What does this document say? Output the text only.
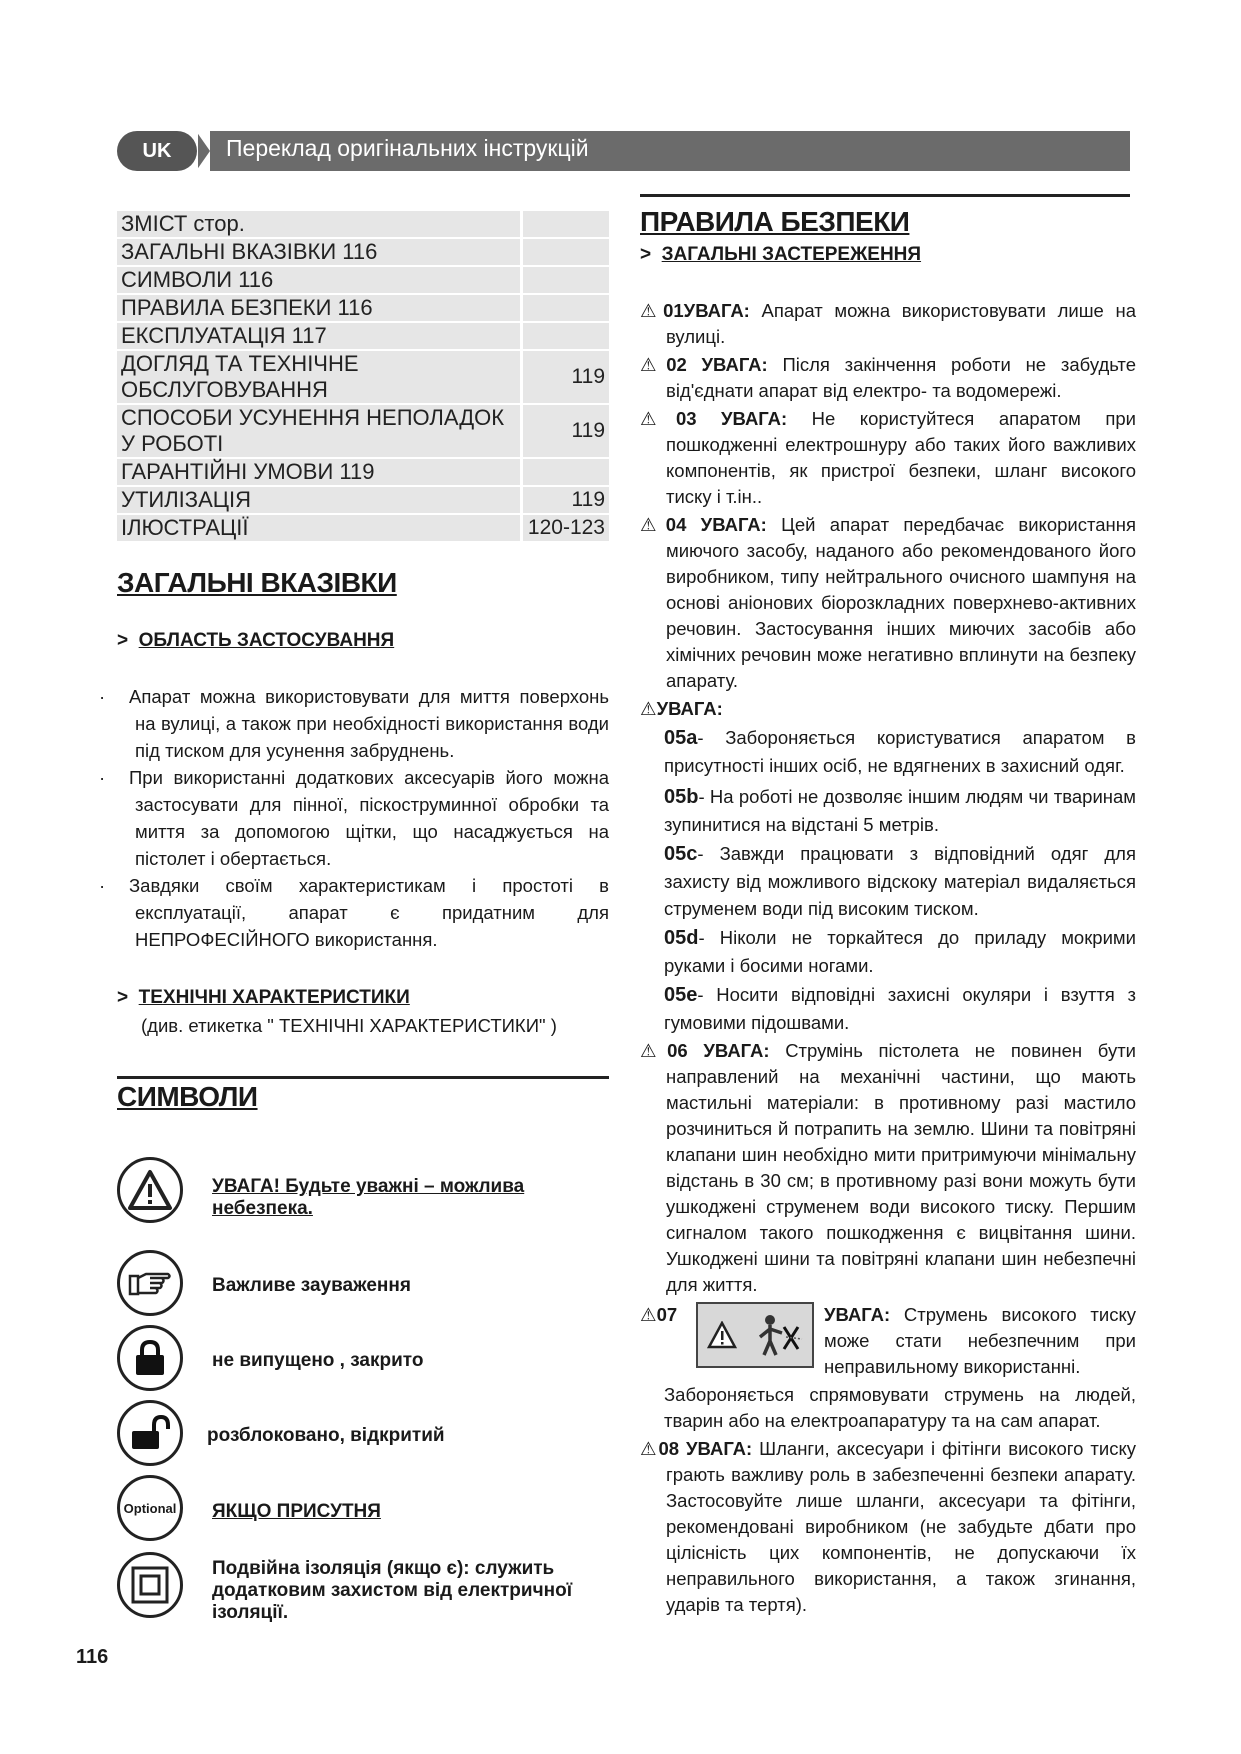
UK	Переклад оригінальних інструкцій
ЗМІСТ стор.	
ЗАГАЛЬНІ ВКАЗІВКИ 116	
СИМВОЛИ 116	
ПРАВИЛА БЕЗПЕКИ 116	
ЕКСПЛУАТАЦІЯ 117	
ДОГЛЯД ТА ТЕХНІЧНЕ
ОБСЛУГОВУВАННЯ	119
СПОСОБИ УСУНЕННЯ НЕПОЛАДОК
У РОБОТІ	119
ГАРАНТІЙНІ УМОВИ 119	
УТИЛІЗАЦІЯ	119
ІЛЮСТРАЦІЇ	120-123
ЗАГАЛЬНІ ВКАЗІВКИ
>  ОБЛАСТЬ ЗАСТОСУВАННЯ
· Апарат можна використовувати для миття поверхонь на вулиці, а також при необхідності використання води під тиском для усунення забруднень.
· При використанні додаткових аксесуарів його можна застосувати для пінної, піскоструминної обробки та миття за допомогою щітки, що насаджується на пістолет і обертається.
· Завдяки своїм характеристикам і простоті в експлуатації, апарат є придатним для НЕПРОФЕСІЙНОГО використання.
>  ТЕХНІЧНІ ХАРАКТЕРИСТИКИ
(див. етикетка " ТЕХНІЧНІ ХАРАКТЕРИСТИКИ" )
СИМВОЛИ
УВАГА! Будьте уважні – можлива небезпека.
Важливе зауваження
не випущено , закрито
розблоковано, відкритий
Optional ЯКЩО ПРИСУТНЯ
Подвійна ізоляція (якщо є): служить додатковим захистом від електричної ізоляції.
116
ПРАВИЛА БЕЗПЕКИ
>  ЗАГАЛЬНІ ЗАСТЕРЕЖЕННЯ
⚠01УВАГА: Апарат можна використовувати лише на вулиці.
⚠02 УВАГА: Після закінчення роботи не забудьте від'єднати апарат від електро- та водомережі.
⚠03 УВАГА: Не користуйтеся апаратом при пошкодженні електрошнуру або таких його важливих компонентів, як пристрої безпеки, шланг високого тиску і т.ін..
⚠04 УВАГА: Цей апарат передбачає використання миючого засобу, наданого або рекомендованого його виробником, типу нейтрального очисного шампуня на основі аніонових біорозкладних поверхнево-активних речовин. Застосування інших миючих засобів або хімічних речовин може негативно вплинути на безпеку апарату.
⚠УВАГА:
05a- Забороняється користуватися апаратом в присутності інших осіб, не вдягнених в захисний одяг.
05b- На роботі не дозволяє іншим людям чи тваринам зупинитися на відстані 5 метрів.
05c- Завжди працювати з відповідний одяг для захисту від можливого відскоку матеріал видаляється струменем води під високим тиском.
05d- Ніколи не торкайтеся до приладу мокрими руками і босими ногами.
05e- Носити відповідні захисні окуляри і взуття з гумовими підошвами.
⚠06 УВАГА: Струмінь пістолета не повинен бути направлений на механічні частини, що мають мастильні матеріали: в противному разі мастило розчиниться й потрапить на землю. Шини та повітряні клапани шин необхідно мити притримуючи мінімальну відстань в 30 см; в противному разі вони можуть бути ушкоджені струменем води високого тиску. Першим сигналом такого пошкодження є вицвітання шини. Ушкоджені шини та повітряні клапани шин небезпечні для життя.
⚠07	УВАГА: Струмень високого тиску може стати небезпечним при неправильному використанні.
Забороняється спрямовувати струмень на людей, тварин або на електроапаратуру та на сам апарат.
⚠08 УВАГА: Шланги, аксесуари і фітінги високого тиску грають важливу роль в забезпеченні безпеки апарату. Застосовуйте лише шланги, аксесуари та фітінги, рекомендовані виробником (не забудьте дбати про цілісність цих компонентів, не допускаючи їх неправильного використання, а також згинання, ударів та тертя).
